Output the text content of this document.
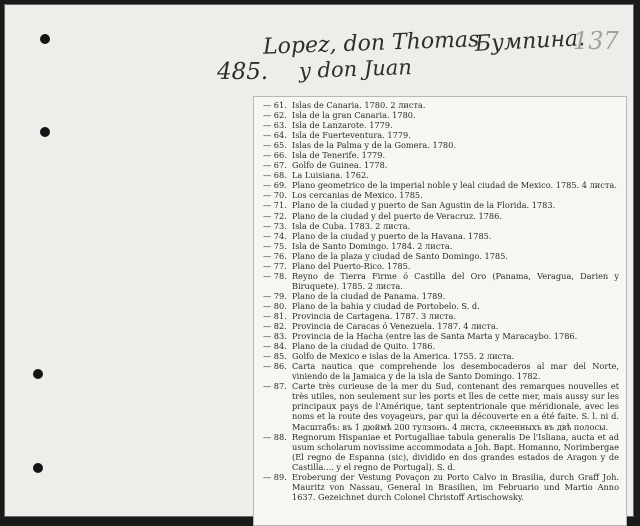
Lopez, don Thomas
y don Juan
485.
Бумпина.
137
— 61. Islas de Canaria. 1780. 2 листа.
— 62. Isla de la gran Canaria. 1780.
— 63. Isla de Lanzarote. 1779.
— 64. Isla de Fuerteventura. 1779.
— 65. Islas de la Palma y de la Gomera. 1780.
— 66. Isla de Tenerife. 1779.
— 67. Golfo de Guinea. 1778.
— 68. La Luisiana. 1762.
— 69. Plano geometrico de la imperial noble y leal ciudad de Mexico. 1785. 4 листа.
— 70. Los cercanias de Mexico. 1785.
— 71. Plano de la ciudad y puerto de San Agustin de la Florida. 1783.
— 72. Plano de la ciudad y del puerto de Veracruz. 1786.
— 73. Isla de Cuba. 1783. 2 листа.
— 74. Plano de la ciudad y puerto de la Havana. 1785.
— 75. Isla de Santo Domingo. 1784. 2 листа.
— 76. Plano de la plaza y ciudad de Santo Domingo. 1785.
— 77. Plano del Puerto-Rico. 1785.
— 78. Reyno de Tierra Firme ó Castilla del Oro (Panama, Veragua, Darien y Biruquete). 1785. 2 листа.
— 79. Plano de la ciudad de Panama. 1789.
— 80. Plano de la bahia y ciudad de Portobelo. S. d.
— 81. Provincia de Cartagena. 1787. 3 листа.
— 82. Provincia de Caracas ó Venezuela. 1787. 4 листа.
— 83. Provincia de la Hacha (entre las de Santa Marta y Maracaybo. 1786.
— 84. Plano de la ciudad de Quito. 1786.
— 85. Golfo de Mexico e islas de la America. 1755. 2 листа.
— 86. Carta nautica que comprehende los desembocaderos al mar del Norte, viniendo de la Jamaica y de la isla de Santo Domingo. 1782.
— 87. Carte très curieuse de la mer du Sud, contenant des remarques nouvelles et très utiles, non seulement sur les ports et îles de cette mer, mais aussy sur les principaux pays de l'Amérique, tant septentrionale que méridionale, avec les noms et la route des voyageurs, par qui la découverte en a été faite. S. l. ni d. Масштабъ: въ 1 дюймѣ 200 тулзонъ. 4 листа, склеенныхъ въ двѣ полосы.
— 88. Regnorum Hispaniae et Portugalliae tabula generalis De l'Isliana, aucta et ad usum scholarum novissime accommodata a Joh. Bapt. Homanno, Norimbergae (El regno de Espanna (sic), dividido en dos grandes estados de Aragon y de Castilla.... y el regno de Portugal). S. d.
— 89. Eroberung der Vestung Povaçon zu Porto Calvo in Brasilia, durch Graff Joh. Mauritz von Nassau, General in Brasilien, im Februario und Martio Anno 1637. Gezeichnet durch Colonel Christoff Artischowsky.
